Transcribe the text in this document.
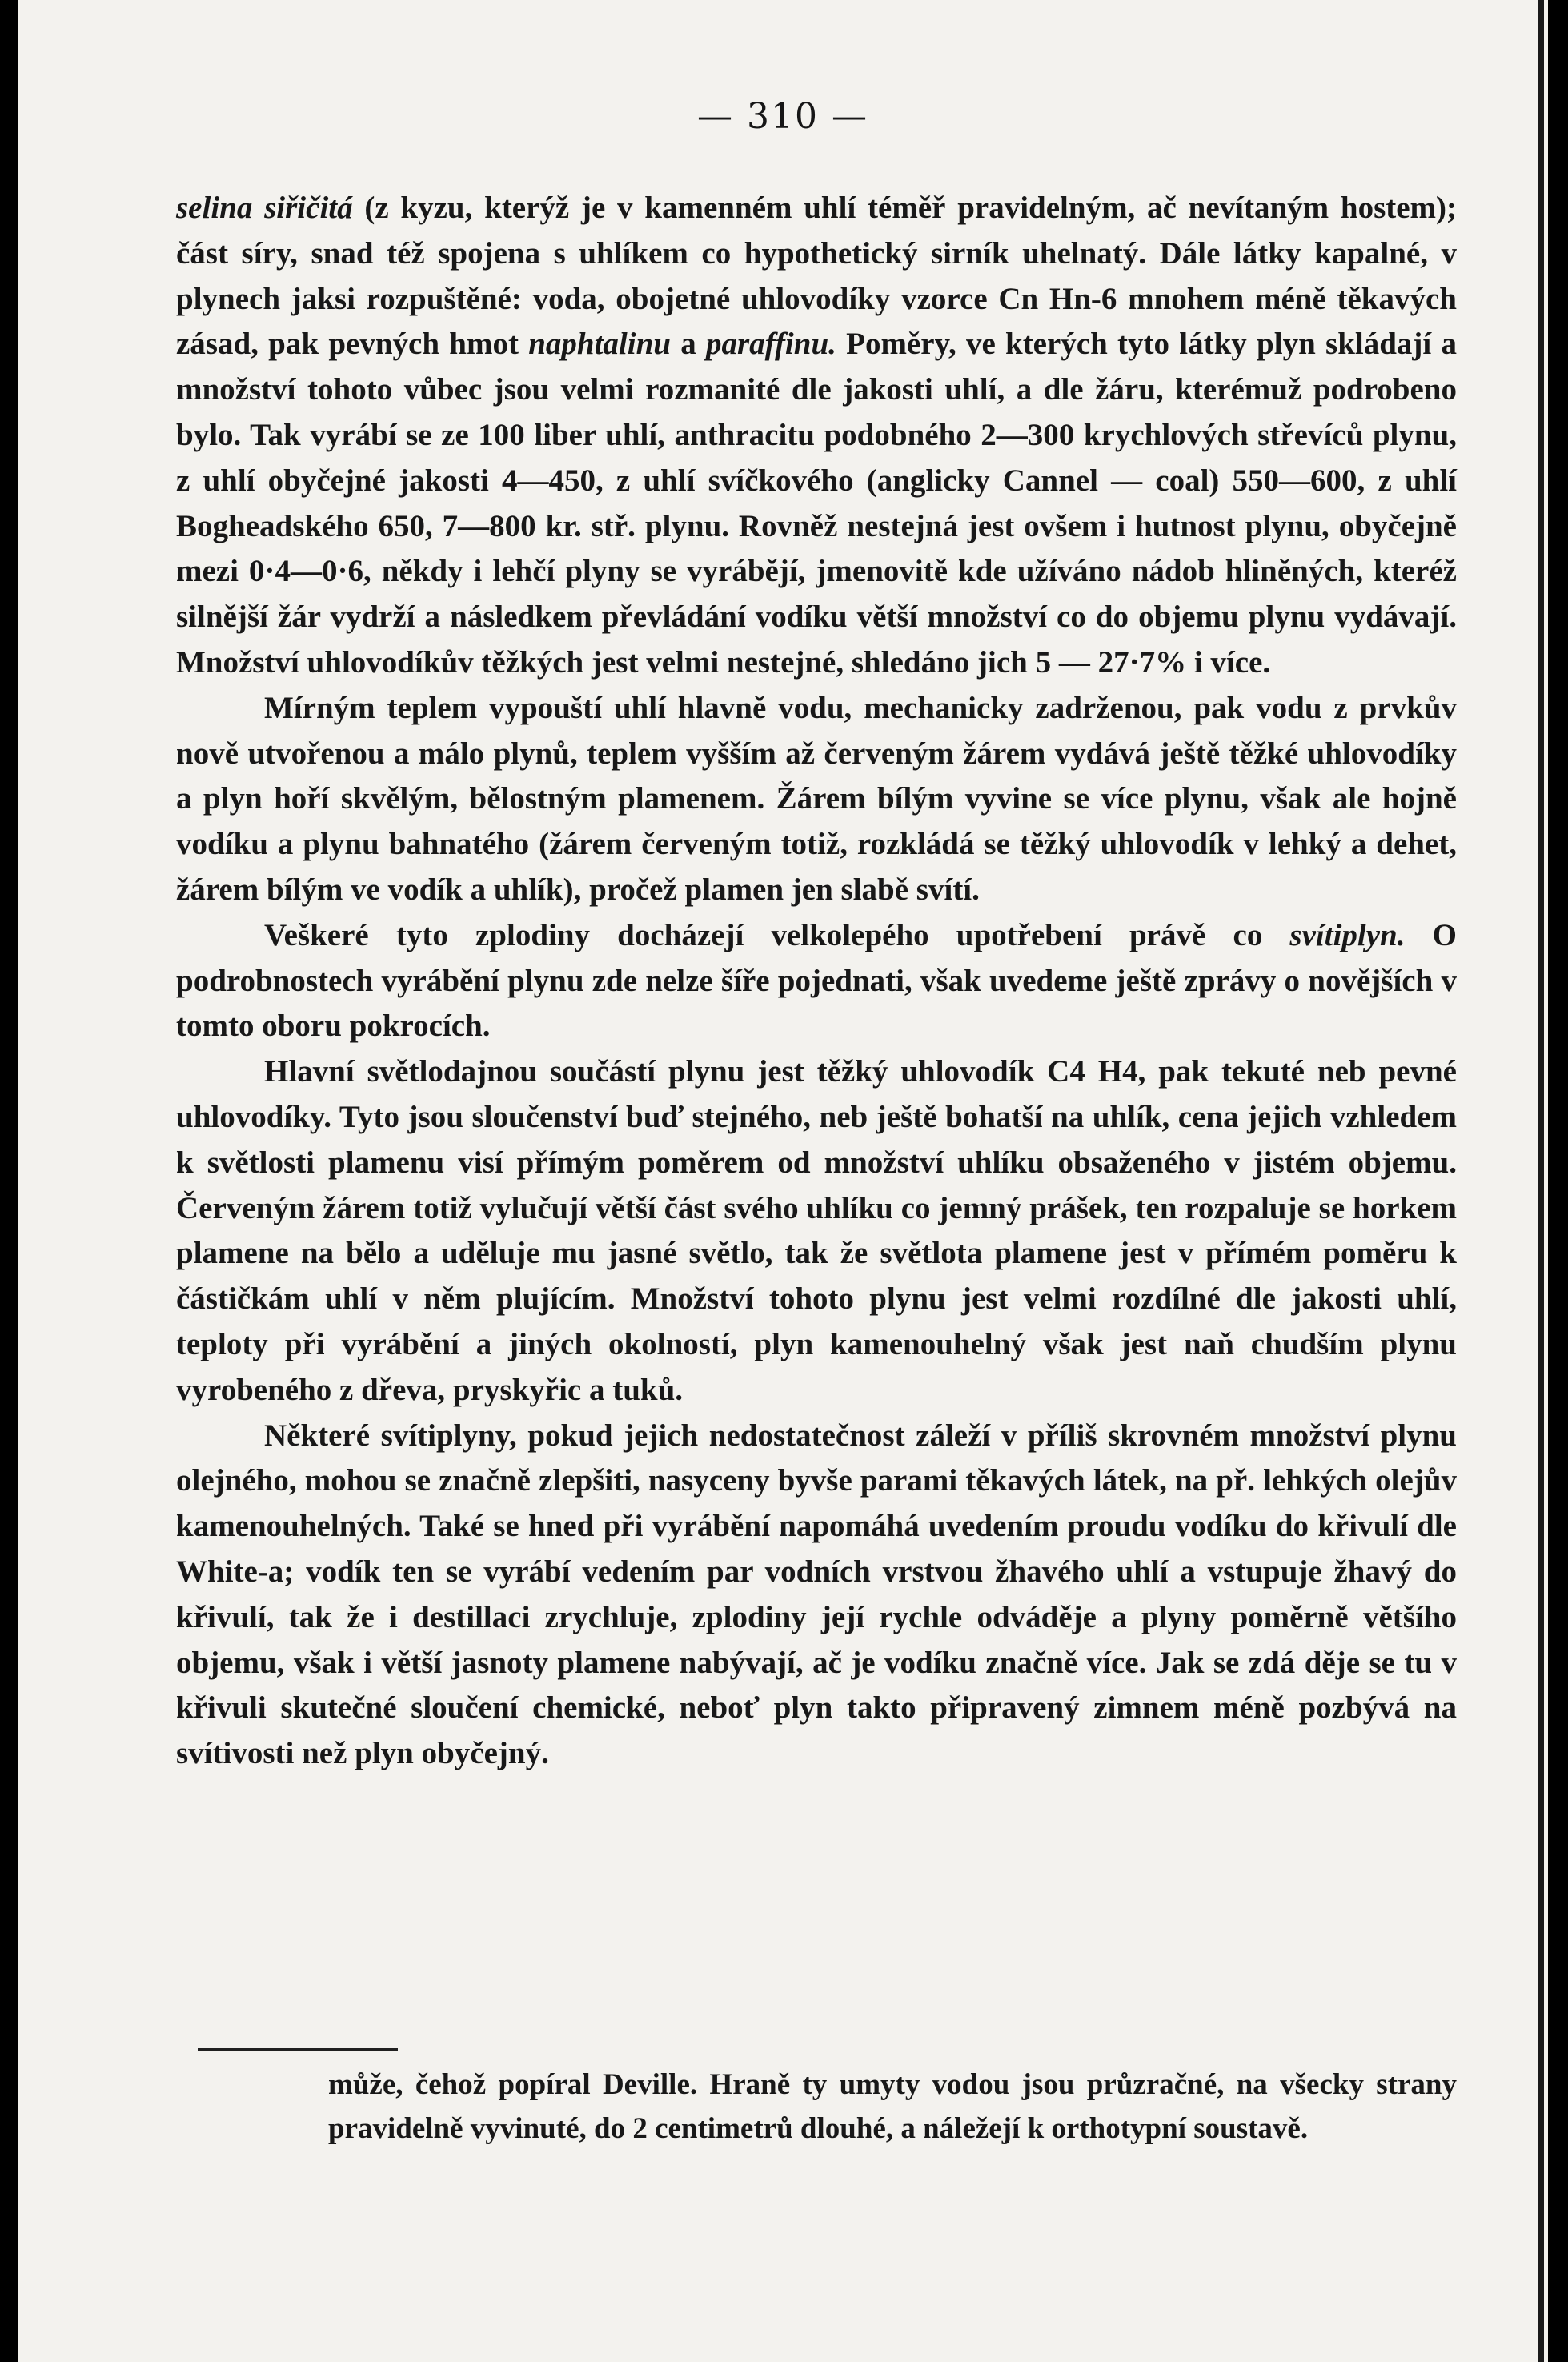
— 310 —

selina siřičitá (z kyzu, kterýž je v kamenném uhlí téměř pravidelným, ač nevítaným hostem); část síry, snad též spojena s uhlíkem co hypothetický sirník uhelnatý. Dále látky kapalné, v plynech jaksi rozpuštěné: voda, obojetné uhlovodíky vzorce Cn Hn-6 mnohem méně těkavých zásad, pak pevných hmot naphtalinu a paraffinu. Poměry, ve kterých tyto látky plyn skládají a množství tohoto vůbec jsou velmi rozmanité dle jakosti uhlí, a dle žáru, kterémuž podrobeno bylo. Tak vyrábí se ze 100 liber uhlí, anthracitu podobného 2—300 krychlových střevíců plynu, z uhlí obyčejné jakosti 4—450, z uhlí svíčkového (anglicky Cannel — coal) 550—600, z uhlí Bogheadského 650, 7—800 kr. stř. plynu. Rovněž nestejná jest ovšem i hutnost plynu, obyčejně mezi 0·4—0·6, někdy i lehčí plyny se vyrábějí, jmenovitě kde užíváno nádob hliněných, kteréž silnější žár vydrží a následkem převládání vodíku větší množství co do objemu plynu vydávají. Množství uhlovodíkův těžkých jest velmi nestejné, shledáno jich 5 — 27·7% i více.

Mírným teplem vypouští uhlí hlavně vodu, mechanicky zadrženou, pak vodu z prvkův nově utvořenou a málo plynů, teplem vyšším až červeným žárem vydává ještě těžké uhlovodíky a plyn hoří skvělým, bělostným plamenem. Žárem bílým vyvine se více plynu, však ale hojně vodíku a plynu bahnatého (žárem červeným totiž, rozkládá se těžký uhlovodík v lehký a dehet, žárem bílým ve vodík a uhlík), pročež plamen jen slabě svítí.

Veškeré tyto zplodiny docházejí velkolepého upotřebení právě co svítiplyn. O podrobnostech vyrábění plynu zde nelze šíře pojednati, však uvedeme ještě zprávy o novějších v tomto oboru pokrocích.

Hlavní světlodajnou součástí plynu jest těžký uhlovodík C4 H4, pak tekuté neb pevné uhlovodíky. Tyto jsou sloučenství buď stejného, neb ještě bohatší na uhlík, cena jejich vzhledem k světlosti plamenu visí přímým poměrem od množství uhlíku obsaženého v jistém objemu. Červeným žárem totiž vylučují větší část svého uhlíku co jemný prášek, ten rozpaluje se horkem plamene na bělo a uděluje mu jasné světlo, tak že světlota plamene jest v přímém poměru k částičkám uhlí v něm plujícím. Množství tohoto plynu jest velmi rozdílné dle jakosti uhlí, teploty při vyrábění a jiných okolností, plyn kamenouhelný však jest naň chudším plynu vyrobeného z dřeva, pryskyřic a tuků.

Některé svítiplyny, pokud jejich nedostatečnost záleží v příliš skrovném množství plynu olejného, mohou se značně zlepšiti, nasyceny byvše parami těkavých látek, na př. lehkých olejův kamenouhelných. Také se hned při vyrábění napomáhá uvedením proudu vodíku do křivulí dle White-a; vodík ten se vyrábí vedením par vodních vrstvou žhavého uhlí a vstupuje žhavý do křivulí, tak že i destillaci zrychluje, zplodiny její rychle odváděje a plyny poměrně většího objemu, však i větší jasnoty plamene nabývají, ač je vodíku značně více. Jak se zdá děje se tu v křivuli skutečné sloučení chemické, neboť plyn takto připravený zimnem méně pozbývá na svítivosti než plyn obyčejný.

může, čehož popíral Deville. Hraně ty umyty vodou jsou průzračné, na všecky strany pravidelně vyvinuté, do 2 centimetrů dlouhé, a náležejí k orthotypní soustavě.
